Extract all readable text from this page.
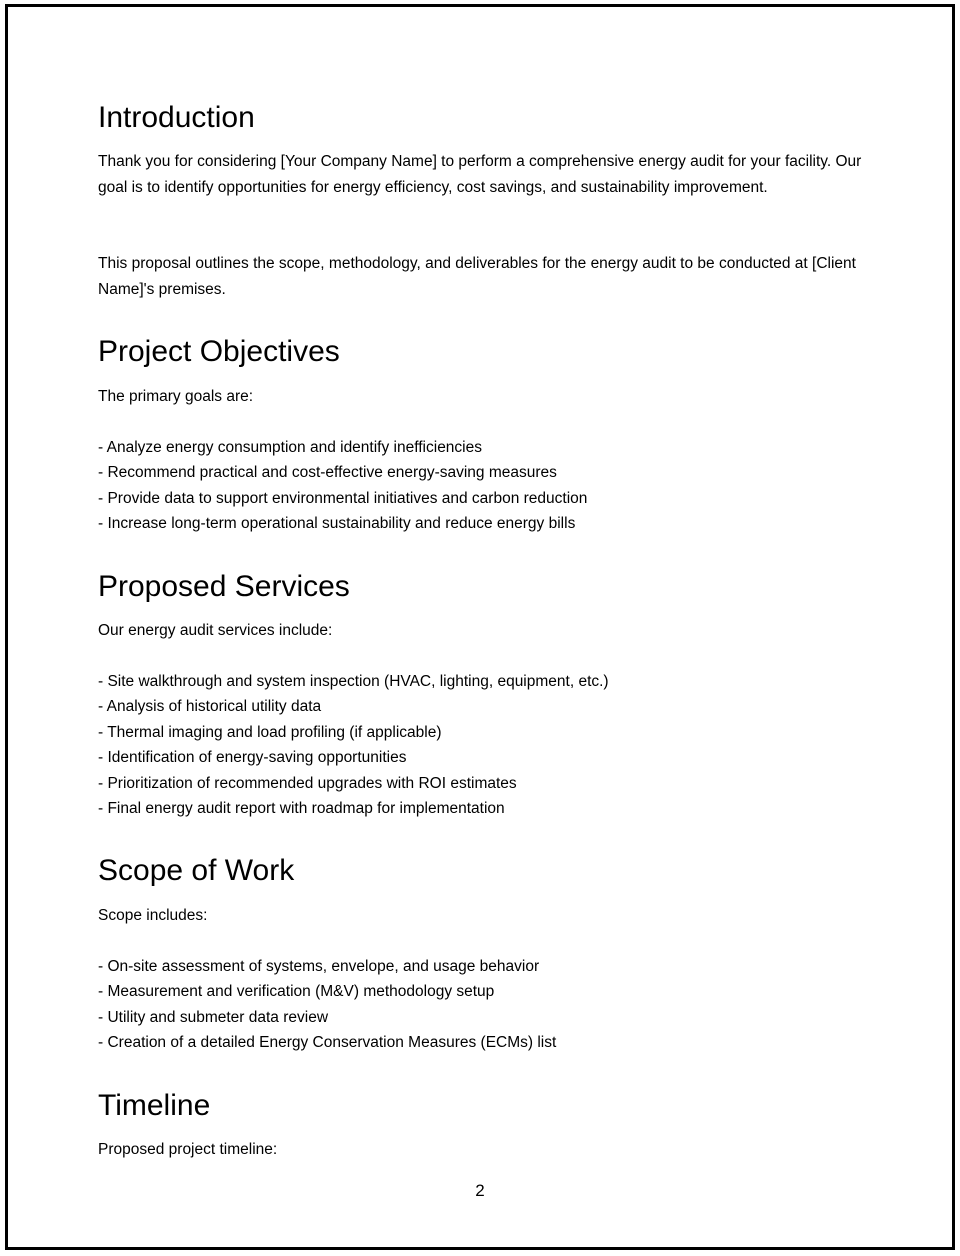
Introduction

Thank you for considering [Your Company Name] to perform a comprehensive energy audit for your facility. Our goal is to identify opportunities for energy efficiency, cost savings, and sustainability improvement.

This proposal outlines the scope, methodology, and deliverables for the energy audit to be conducted at [Client Name]'s premises.

Project Objectives

The primary goals are:

- Analyze energy consumption and identify inefficiencies
- Recommend practical and cost-effective energy-saving measures
- Provide data to support environmental initiatives and carbon reduction
- Increase long-term operational sustainability and reduce energy bills
Proposed Services

Our energy audit services include:

- Site walkthrough and system inspection (HVAC, lighting, equipment, etc.)
- Analysis of historical utility data
- Thermal imaging and load profiling (if applicable)
- Identification of energy-saving opportunities
- Prioritization of recommended upgrades with ROI estimates
- Final energy audit report with roadmap for implementation
Scope of Work

Scope includes:

- On-site assessment of systems, envelope, and usage behavior
- Measurement and verification (M&V) methodology setup
- Utility and submeter data review
- Creation of a detailed Energy Conservation Measures (ECMs) list
Timeline

Proposed project timeline:

2
